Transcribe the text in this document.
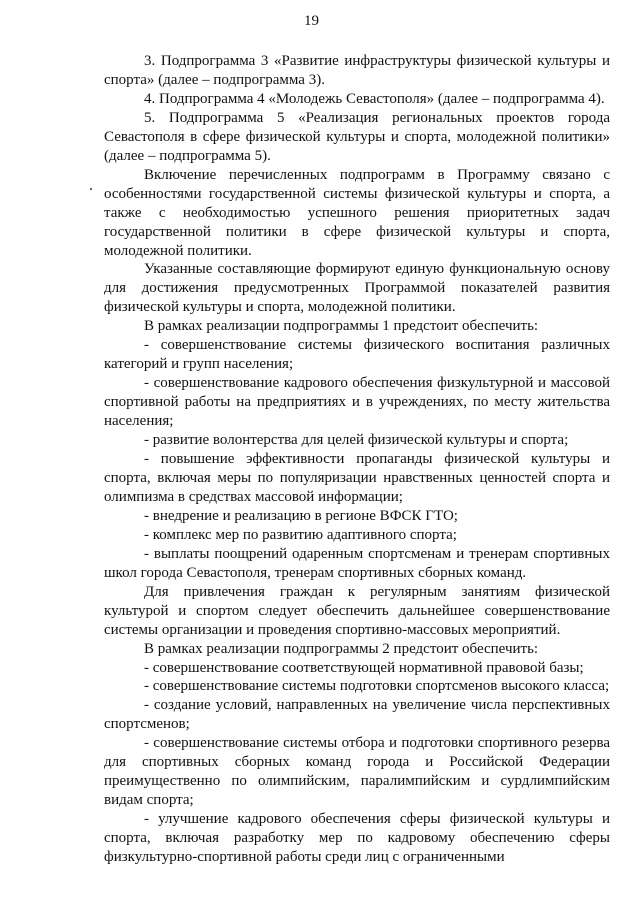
19

3. Подпрограмма 3 «Развитие инфраструктуры физической культуры и спорта» (далее – подпрограмма 3).

4. Подпрограмма 4 «Молодежь Севастополя» (далее – подпрограмма 4).

5. Подпрограмма 5 «Реализация региональных проектов города Севастополя в сфере физической культуры и спорта, молодежной политики» (далее – подпрограмма 5).

Включение перечисленных подпрограмм в Программу связано с особенностями государственной системы физической культуры и спорта, а также с необходимостью успешного решения приоритетных задач государственной политики в сфере физической культуры и спорта, молодежной политики.

Указанные составляющие формируют единую функциональную основу для достижения предусмотренных Программой показателей развития физической культуры и спорта, молодежной политики.

В рамках реализации подпрограммы 1 предстоит обеспечить:

- совершенствование системы физического воспитания различных категорий и групп населения;

- совершенствование кадрового обеспечения физкультурной и массовой спортивной работы на предприятиях и в учреждениях, по месту жительства населения;

- развитие волонтерства для целей физической культуры и спорта;

- повышение эффективности пропаганды физической культуры и спорта, включая меры по популяризации нравственных ценностей спорта и олимпизма в средствах массовой информации;

- внедрение и реализацию в регионе ВФСК ГТО;

- комплекс мер по развитию адаптивного спорта;

- выплаты поощрений одаренным спортсменам и тренерам спортивных школ города Севастополя, тренерам спортивных сборных команд.

Для привлечения граждан к регулярным занятиям физической культурой и спортом следует обеспечить дальнейшее совершенствование системы организации и проведения спортивно-массовых мероприятий.

В рамках реализации подпрограммы 2 предстоит обеспечить:

- совершенствование соответствующей нормативной правовой базы;

- совершенствование системы подготовки спортсменов высокого класса;

- создание условий, направленных на увеличение числа перспективных спортсменов;

- совершенствование системы отбора и подготовки спортивного резерва для спортивных сборных команд города и Российской Федерации преимущественно по олимпийским, паралимпийским и сурдлимпийским видам спорта;

- улучшение кадрового обеспечения сферы физической культуры и спорта, включая разработку мер по кадровому обеспечению сферы физкультурно-спортивной работы среди лиц с ограниченными
